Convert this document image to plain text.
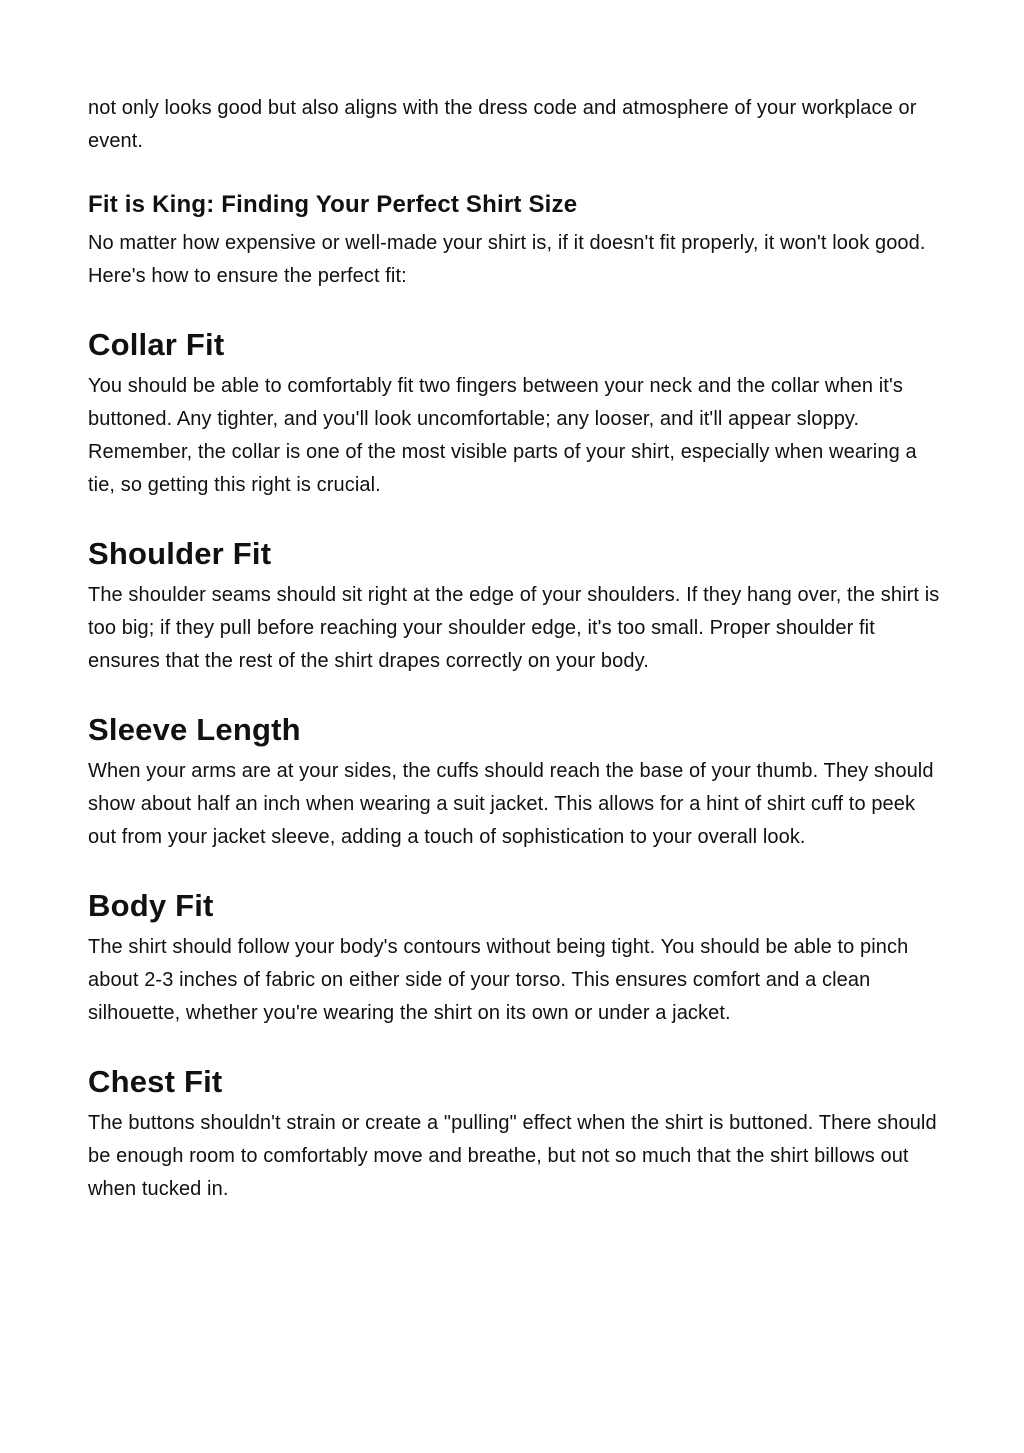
not only looks good but also aligns with the dress code and atmosphere of your workplace or event.

Fit is King: Finding Your Perfect Shirt Size

No matter how expensive or well-made your shirt is, if it doesn't fit properly, it won't look good. Here's how to ensure the perfect fit:

Collar Fit

You should be able to comfortably fit two fingers between your neck and the collar when it's buttoned. Any tighter, and you'll look uncomfortable; any looser, and it'll appear sloppy. Remember, the collar is one of the most visible parts of your shirt, especially when wearing a tie, so getting this right is crucial.

Shoulder Fit

The shoulder seams should sit right at the edge of your shoulders. If they hang over, the shirt is too big; if they pull before reaching your shoulder edge, it's too small. Proper shoulder fit ensures that the rest of the shirt drapes correctly on your body.

Sleeve Length

When your arms are at your sides, the cuffs should reach the base of your thumb. They should show about half an inch when wearing a suit jacket. This allows for a hint of shirt cuff to peek out from your jacket sleeve, adding a touch of sophistication to your overall look.

Body Fit

The shirt should follow your body's contours without being tight. You should be able to pinch about 2-3 inches of fabric on either side of your torso. This ensures comfort and a clean silhouette, whether you're wearing the shirt on its own or under a jacket.

Chest Fit

The buttons shouldn't strain or create a "pulling" effect when the shirt is buttoned. There should be enough room to comfortably move and breathe, but not so much that the shirt billows out when tucked in.
